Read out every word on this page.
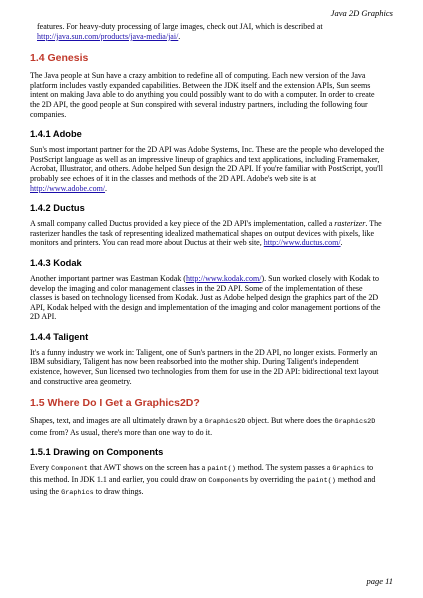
Java 2D Graphics

features. For heavy-duty processing of large images, check out JAI, which is described at http://java.sun.com/products/java-media/jai/.

1.4 Genesis

The Java people at Sun have a crazy ambition to redefine all of computing. Each new version of the Java platform includes vastly expanded capabilities. Between the JDK itself and the extension APIs, Sun seems intent on making Java able to do anything you could possibly want to do with a computer. In order to create the 2D API, the good people at Sun conspired with several industry partners, including the following four companies.

1.4.1 Adobe

Sun's most important partner for the 2D API was Adobe Systems, Inc. These are the people who developed the PostScript language as well as an impressive lineup of graphics and text applications, including Framemaker, Acrobat, Illustrator, and others. Adobe helped Sun design the 2D API. If you're familiar with PostScript, you'll probably see echoes of it in the classes and methods of the 2D API. Adobe's web site is at http://www.adobe.com/.

1.4.2 Ductus

A small company called Ductus provided a key piece of the 2D API's implementation, called a rasterizer. The rasterizer handles the task of representing idealized mathematical shapes on output devices with pixels, like monitors and printers. You can read more about Ductus at their web site, http://www.ductus.com/.

1.4.3 Kodak

Another important partner was Eastman Kodak (http://www.kodak.com/). Sun worked closely with Kodak to develop the imaging and color management classes in the 2D API. Some of the implementation of these classes is based on technology licensed from Kodak. Just as Adobe helped design the graphics part of the 2D API, Kodak helped with the design and implementation of the imaging and color management portions of the 2D API.

1.4.4 Taligent

It's a funny industry we work in: Taligent, one of Sun's partners in the 2D API, no longer exists. Formerly an IBM subsidiary, Taligent has now been reabsorbed into the mother ship. During Taligent's independent existence, however, Sun licensed two technologies from them for use in the 2D API: bidirectional text layout and constructive area geometry.

1.5 Where Do I Get a Graphics2D?

Shapes, text, and images are all ultimately drawn by a Graphics2D object. But where does the Graphics2D come from? As usual, there's more than one way to do it.

1.5.1 Drawing on Components

Every Component that AWT shows on the screen has a paint() method. The system passes a Graphics to this method. In JDK 1.1 and earlier, you could draw on Components by overriding the paint() method and using the Graphics to draw things.

page 11
